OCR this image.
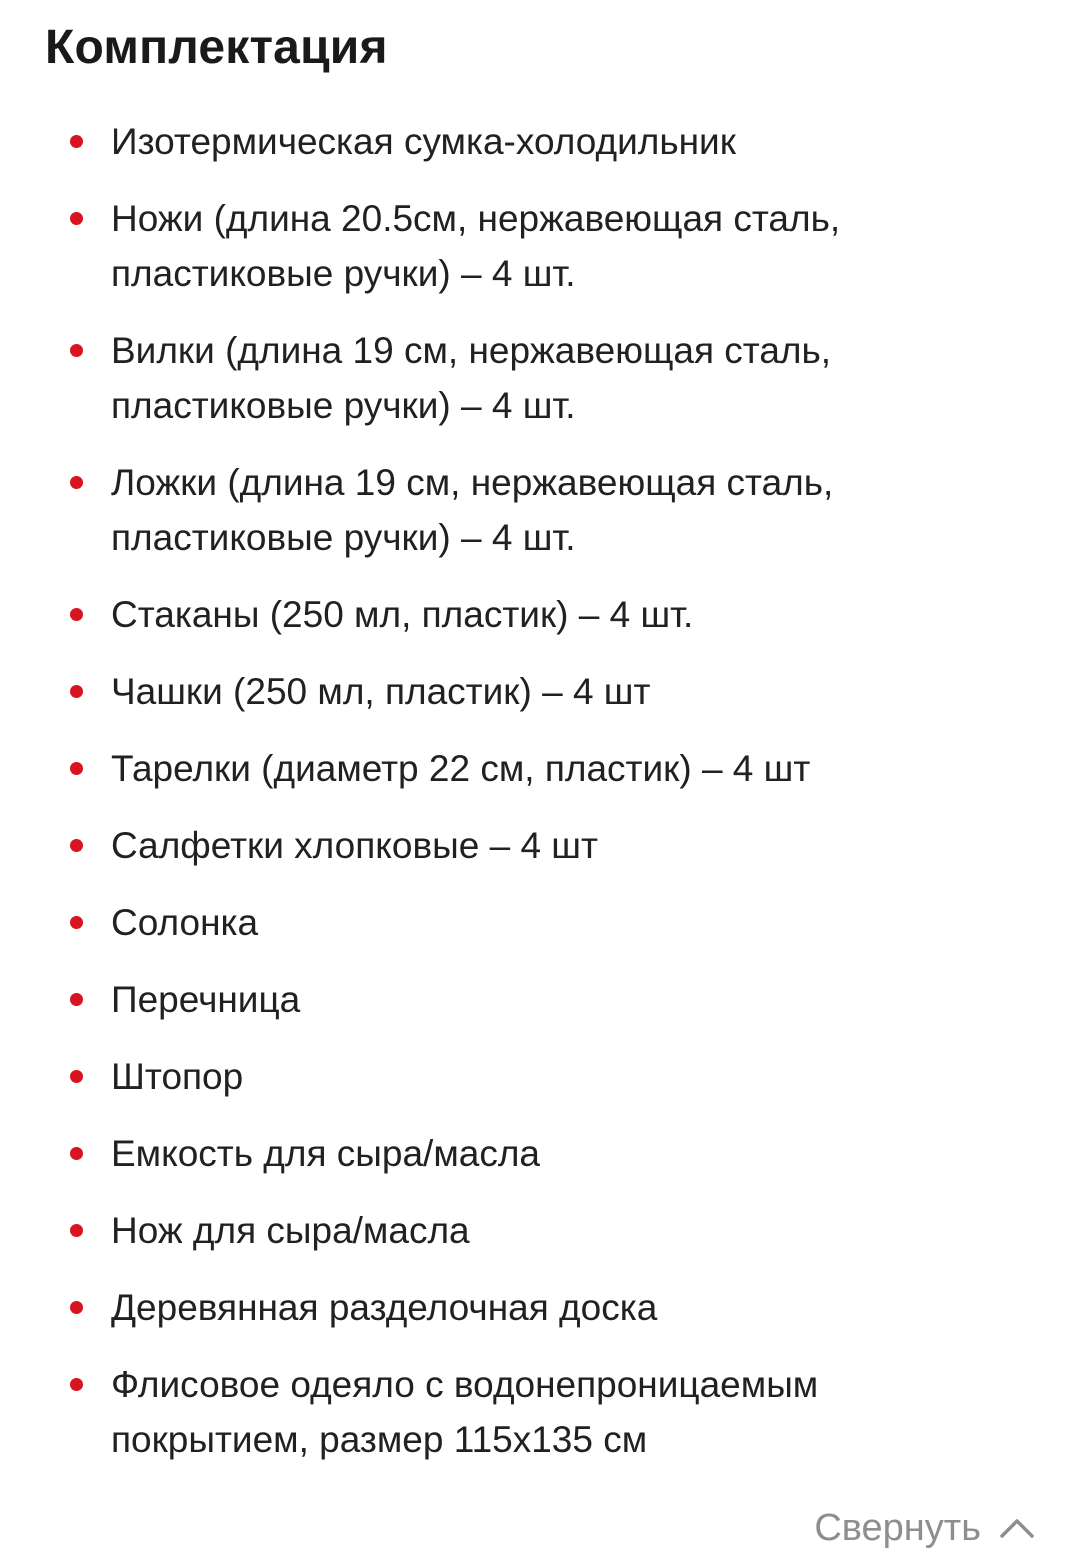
Комплектация
Изотермическая сумка-холодильник
Ножи (длина 20.5см, нержавеющая сталь, пластиковые ручки) – 4 шт.
Вилки (длина 19 см, нержавеющая сталь, пластиковые ручки) – 4 шт.
Ложки (длина 19 см, нержавеющая сталь, пластиковые ручки) – 4 шт.
Стаканы (250 мл, пластик) – 4 шт.
Чашки (250 мл, пластик) – 4 шт
Тарелки (диаметр 22 см, пластик) – 4 шт
Салфетки хлопковые – 4 шт
Солонка
Перечница
Штопор
Емкость для сыра/масла
Нож для сыра/масла
Деревянная разделочная доска
Флисовое одеяло с водонепроницаемым покрытием, размер 115х135 см
Свернуть
